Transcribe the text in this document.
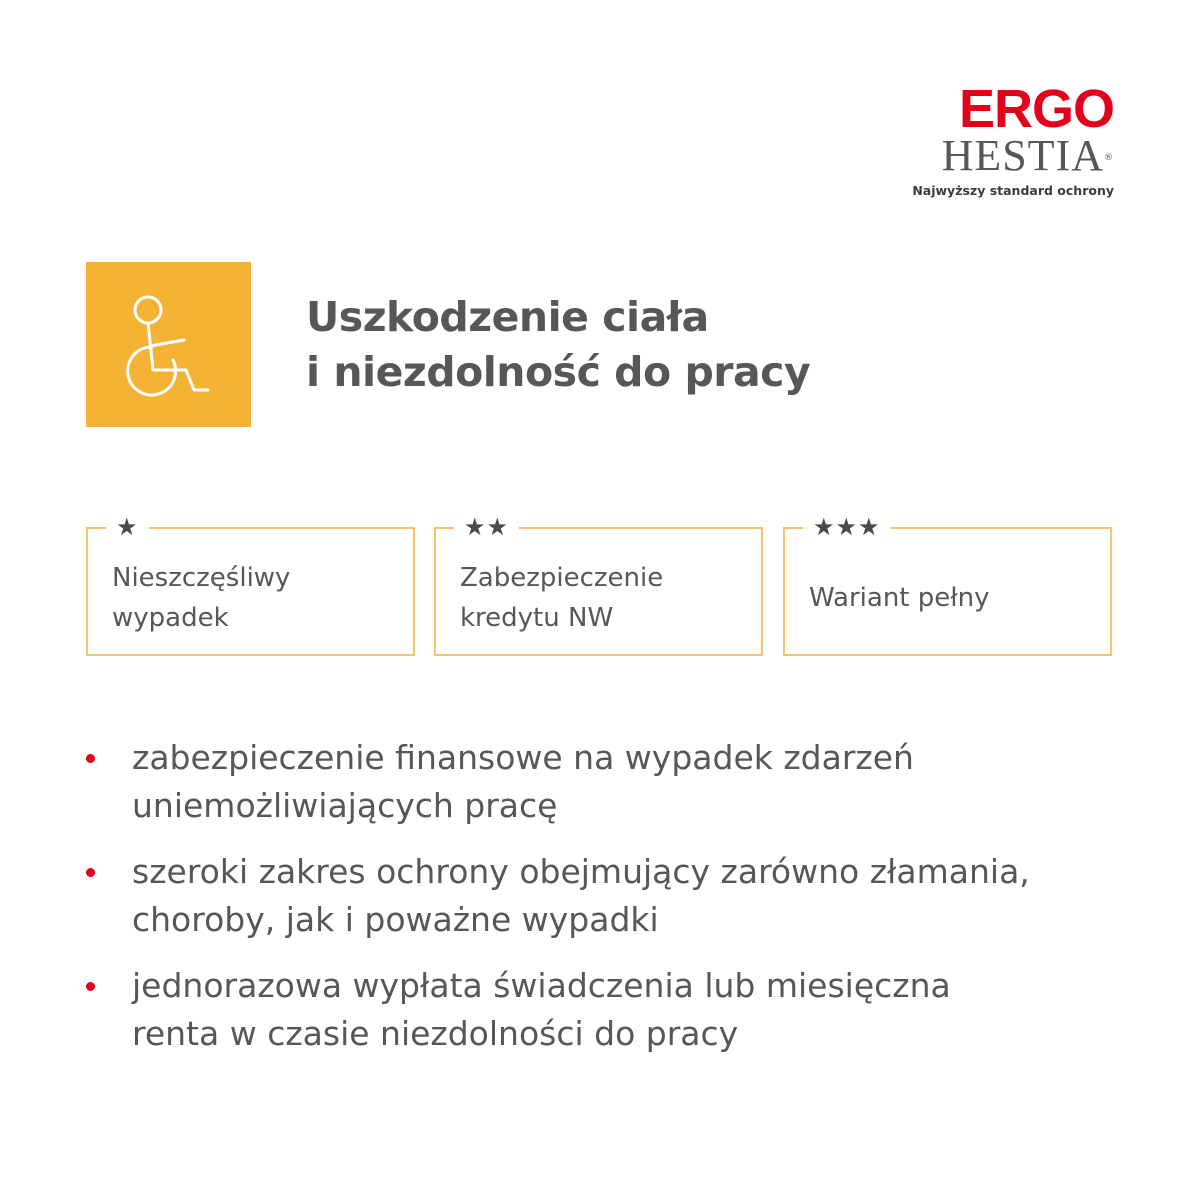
ERGO
HESTIA ®
Najwyższy standard ochrony
Uszkodzenie ciała
i niezdolność do pracy
★
Nieszczęśliwy
wypadek
★★
Zabezpieczenie
kredytu NW
★★★
Wariant pełny
zabezpieczenie finansowe na wypadek zdarzeń
uniemożliwiających pracę
szeroki zakres ochrony obejmujący zarówno złamania,
choroby, jak i poważne wypadki
jednorazowa wypłata świadczenia lub miesięczna
renta w czasie niezdolności do pracy
